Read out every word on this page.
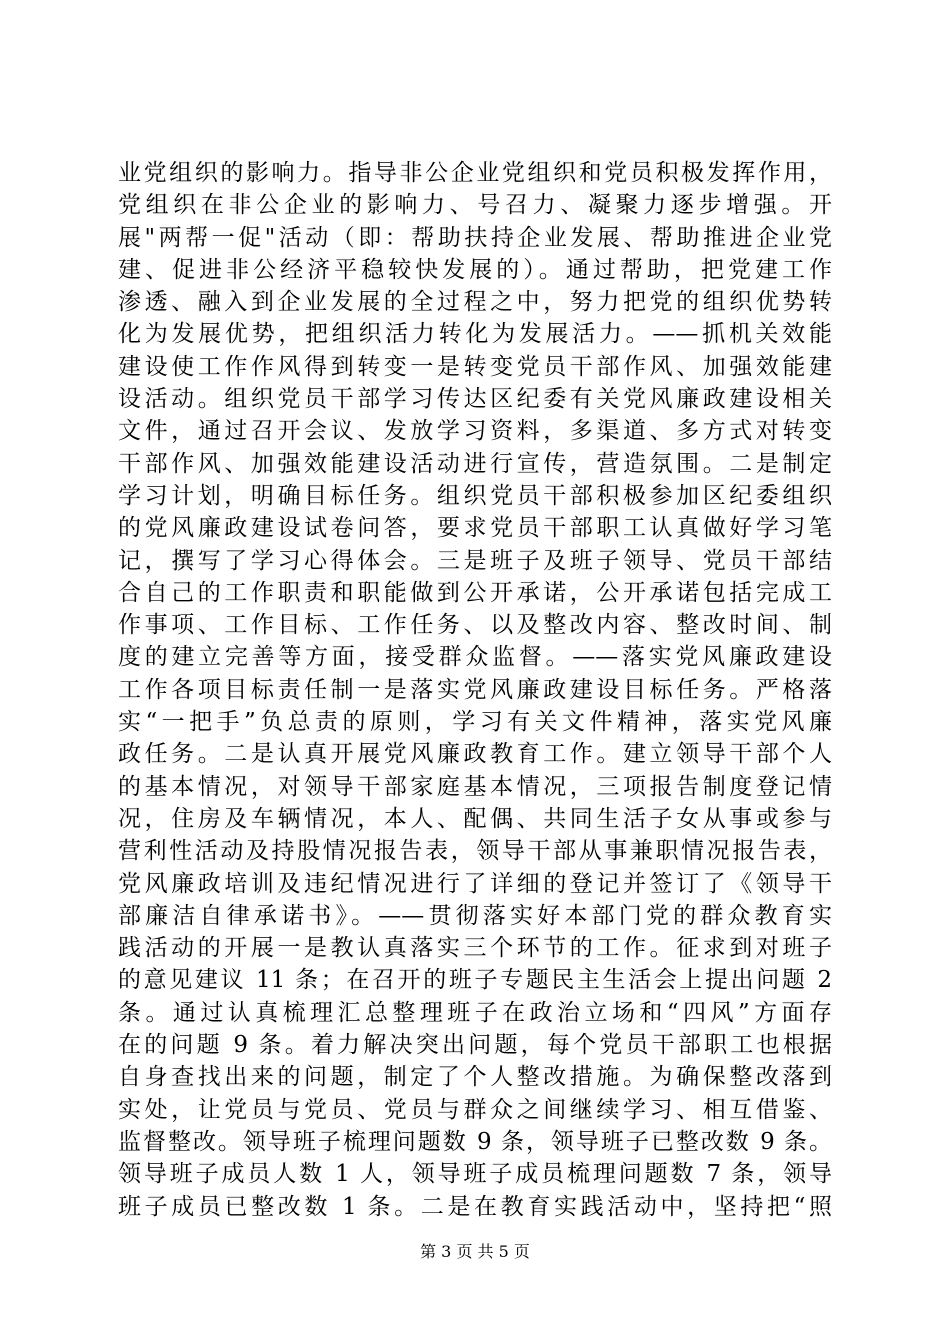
业党组织的影响力。指导非公企业党组织和党员积极发挥作用，
党组织在非公企业的影响力、号召力、凝聚力逐步增强。开
展"两帮一促"活动（即：帮助扶持企业发展、帮助推进企业党
建、促进非公经济平稳较快发展的）。通过帮助，把党建工作
渗透、融入到企业发展的全过程之中，努力把党的组织优势转
化为发展优势，把组织活力转化为发展活力。——抓机关效能
建设使工作作风得到转变一是转变党员干部作风、加强效能建
设活动。组织党员干部学习传达区纪委有关党风廉政建设相关
文件，通过召开会议、发放学习资料，多渠道、多方式对转变
干部作风、加强效能建设活动进行宣传，营造氛围。二是制定
学习计划，明确目标任务。组织党员干部积极参加区纪委组织
的党风廉政建设试卷问答，要求党员干部职工认真做好学习笔
记，撰写了学习心得体会。三是班子及班子领导、党员干部结
合自己的工作职责和职能做到公开承诺，公开承诺包括完成工
作事项、工作目标、工作任务、以及整改内容、整改时间、制
度的建立完善等方面，接受群众监督。——落实党风廉政建设
工作各项目标责任制一是落实党风廉政建设目标任务。严格落
实“一把手”负总责的原则，学习有关文件精神，落实党风廉
政任务。二是认真开展党风廉政教育工作。建立领导干部个人
的基本情况，对领导干部家庭基本情况，三项报告制度登记情
况，住房及车辆情况，本人、配偶、共同生活子女从事或参与
营利性活动及持股情况报告表，领导干部从事兼职情况报告表，
党风廉政培训及违纪情况进行了详细的登记并签订了《领导干
部廉洁自律承诺书》。——贯彻落实好本部门党的群众教育实
践活动的开展一是教认真落实三个环节的工作。征求到对班子
的意见建议 11 条；在召开的班子专题民主生活会上提出问题 2
条。通过认真梳理汇总整理班子在政治立场和“四风”方面存
在的问题 9 条。着力解决突出问题，每个党员干部职工也根据
自身查找出来的问题，制定了个人整改措施。为确保整改落到
实处，让党员与党员、党员与群众之间继续学习、相互借鉴、
监督整改。领导班子梳理问题数 9 条，领导班子已整改数 9 条。
领导班子成员人数 1 人，领导班子成员梳理问题数 7 条，领导
班子成员已整改数 1 条。二是在教育实践活动中，坚持把“照
第 3 页 共 5 页
